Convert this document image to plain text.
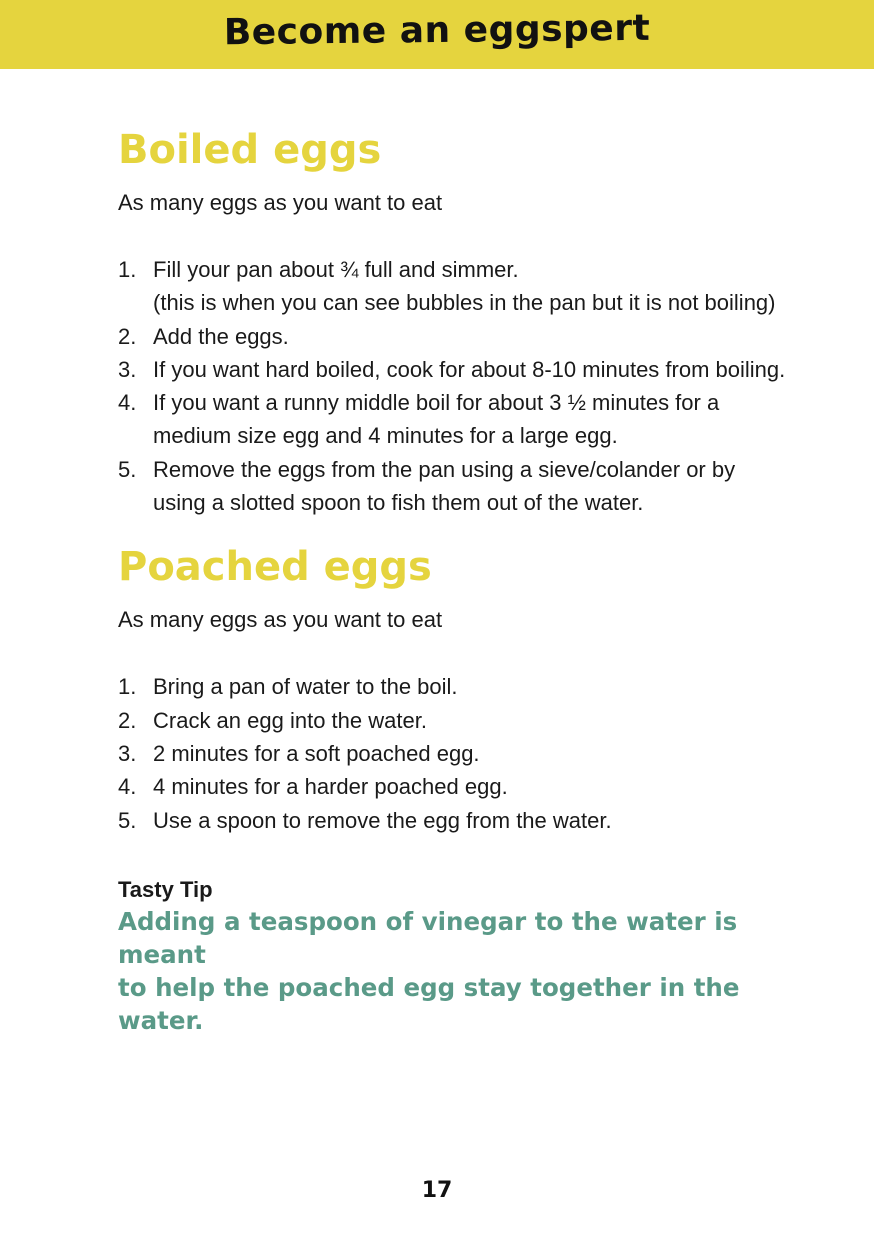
Become an eggspert
Boiled eggs

As many eggs as you want to eat

1. Fill your pan about ¾ full and simmer.
(this is when you can see bubbles in the pan but it is not boiling)
2. Add the eggs.
3. If you want hard boiled, cook for about 8-10 minutes from boiling.
4. If you want a runny middle boil for about 3 ½ minutes for a
medium size egg and 4 minutes for a large egg.
5. Remove the eggs from the pan using a sieve/colander or by
using a slotted spoon to fish them out of the water.
Poached eggs

As many eggs as you want to eat

1. Bring a pan of water to the boil.
2. Crack an egg into the water.
3. 2 minutes for a soft poached egg.
4. 4 minutes for a harder poached egg.
5. Use a spoon to remove the egg from the water.
Tasty Tip
Adding a teaspoon of vinegar to the water is meant
to help the poached egg stay together in the water.
17
